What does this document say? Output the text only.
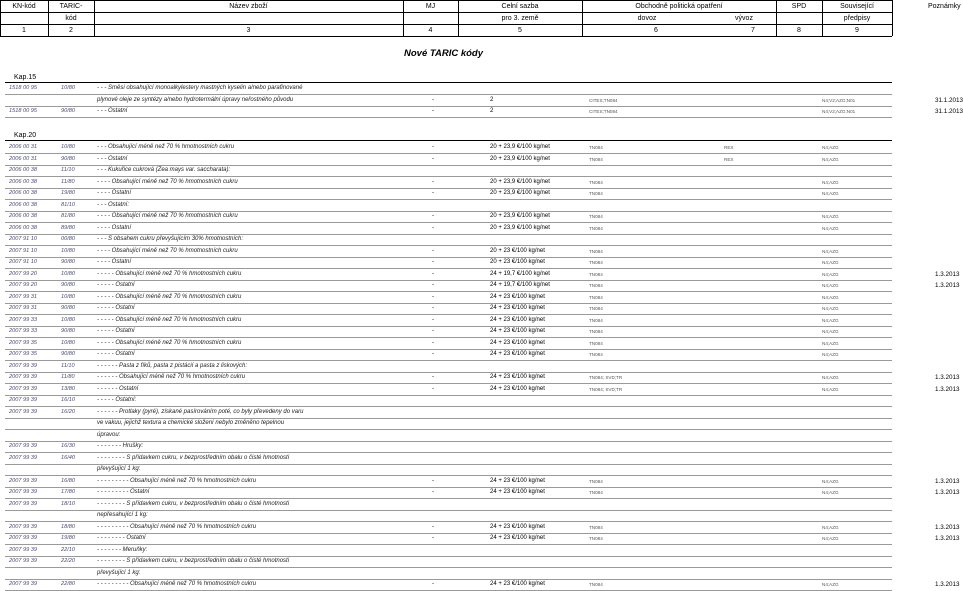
KN-kód	TARIC-	Název zboží	MJ	Celní sazba	Obchodně politická opatření	SPD	Související	Poznámky
kód	pro 3. země	dovoz	vývoz	předpisy
1	2	3	4	5	6	7	8	9
Nové TARIC kódy
Kap.15
1518 00 95	10/80	- - - Směsi obsahující monoalkylestery mastných kyselin a/nebo parafinované
plynové oleje ze syntézy a/nebo hydrotermální úpravy neřostného původu	-	2	CITES;TN084	N4;V2;AZG;N01	31.1.2013
1518 00 95	90/80	- - - Ostatní	-	2	CITES;TN084	N4;V2;AZG;N01	31.1.2013
Kap.20
2006 00 31	10/80	- - - Obsahující méně než 70 % hmotnostních cukru	-	20 + 23,9 €/100 kg/net	TN084	REX	N4;AZG
2006 00 31	90/80	- - - Ostatní	-	20 + 23,9 €/100 kg/net	TN084	REX	N4;AZG
2006 00 38	11/10	- - - Kukuřice cukrová (Zea mays var. saccharata):
2006 00 38	11/80	- - - - Obsahující méně než 70 % hmotnostních cukru	-	20 + 23,9 €/100 kg/net	TN084	N4;AZG
2006 00 38	19/80	- - - - Ostatní	-	20 + 23,9 €/100 kg/net	TN084	N4;AZG
2006 00 38	81/10	- - - Ostatní:
2006 00 38	81/80	- - - - Obsahující méně než 70 % hmotnostních cukru	-	20 + 23,9 €/100 kg/net	TN084	N4;AZG
2006 00 38	89/80	- - - - Ostatní	-	20 + 23,9 €/100 kg/net	TN084	N4;AZG
2007 91 10	00/80	- - - S obsahem cukru převyšujícím 30% hmotnostních:
2007 91 10	10/80	- - - - Obsahující méně než 70 % hmotnostních cukru	-	20 + 23 €/100 kg/net	TN084	N4;AZG
2007 91 10	90/80	- - - - Ostatní	-	20 + 23 €/100 kg/net	TN084	N4;AZG
2007 99 20	10/80	- - - - - Obsahující méně než 70 % hmotnostních cukru	-	24 + 19,7 €/100 kg/net	TN084	N4;AZG	1.3.2013
2007 99 20	90/80	- - - - - Ostatní	-	24 + 19,7 €/100 kg/net	TN084	N4;AZG	1.3.2013
2007 99 31	10/80	- - - - - Obsahující méně než 70 % hmotnostních cukru	-	24 + 23 €/100 kg/net	TN084	N4;AZG
2007 99 31	90/80	- - - - - Ostatní	-	24 + 23 €/100 kg/net	TN084	N4;AZG
2007 99 33	10/80	- - - - - Obsahující méně než 70 % hmotnostních cukru	-	24 + 23 €/100 kg/net	TN084	N4;AZG
2007 99 33	90/80	- - - - - Ostatní	-	24 + 23 €/100 kg/net	TN084	N4;AZG
2007 99 35	10/80	- - - - - Obsahující méně než 70 % hmotnostních cukru	-	24 + 23 €/100 kg/net	TN084	N4;AZG
2007 99 35	90/80	- - - - - Ostatní	-	24 + 23 €/100 kg/net	TN084	N4;AZG
2007 99 39	11/10	- - - - - - Pasta z fíků, pasta z pistácií a pasta z liskových:
2007 99 39	11/80	- - - - - - Obsahující méně než 70 % hmotnostních cukru	-	24 + 23 €/100 kg/net	TN084; SVD;TR	N4;AZG	1.3.2013
2007 99 39	13/80	- - - - - - Ostatní	-	24 + 23 €/100 kg/net	TN084; SVD;TR	N4;AZG	1.3.2013
2007 99 39	16/10	- - - - - Ostatní:
2007 99 39	16/20	- - - - - - Protlaky (pyré), získané pasírováním poté, co byly převedeny do varu
ve vakuu, jejichž textura a chemické složení nebylo změněno tepelnou
úpravou:
2007 99 39	16/30	- - - - - - - Hrušky:
2007 99 39	16/40	- - - - - - - - S přídavkem cukru, v bezprostředním obalu o čisté hmotnosti
převyšující 1 kg:
2007 99 39	16/80	- - - - - - - - - Obsahující méně než 70 % hmotnostních cukru	-	24 + 23 €/100 kg/net	TN084	N4;AZG	1.3.2013
2007 99 39	17/80	- - - - - - - - - Ostatní	-	24 + 23 €/100 kg/net	TN084	N4;AZG	1.3.2013
2007 99 39	18/10	- - - - - - - - S přídavkem cukru, v bezprostředním obalu o čisté hmotnosti
nepřesahující 1 kg:
2007 99 39	18/80	- - - - - - - - - Obsahující méně než 70 % hmotnostních cukru	-	24 + 23 €/100 kg/net	TN084	N4;AZG	1.3.2013
2007 99 39	19/80	- - - - - - - - Ostatní	-	24 + 23 €/100 kg/net	TN084	N4;AZG	1.3.2013
2007 99 39	22/10	- - - - - - - Meruňky:
2007 99 39	22/20	- - - - - - - - S přídavkem cukru, v bezprostředním obalu o čisté hmotnosti
převyšující 1 kg:
2007 99 39	22/80	- - - - - - - - - Obsahující méně než 70 % hmotnostních cukru	-	24 + 23 €/100 kg/net	TN084	N4;AZG	1.3.2013
